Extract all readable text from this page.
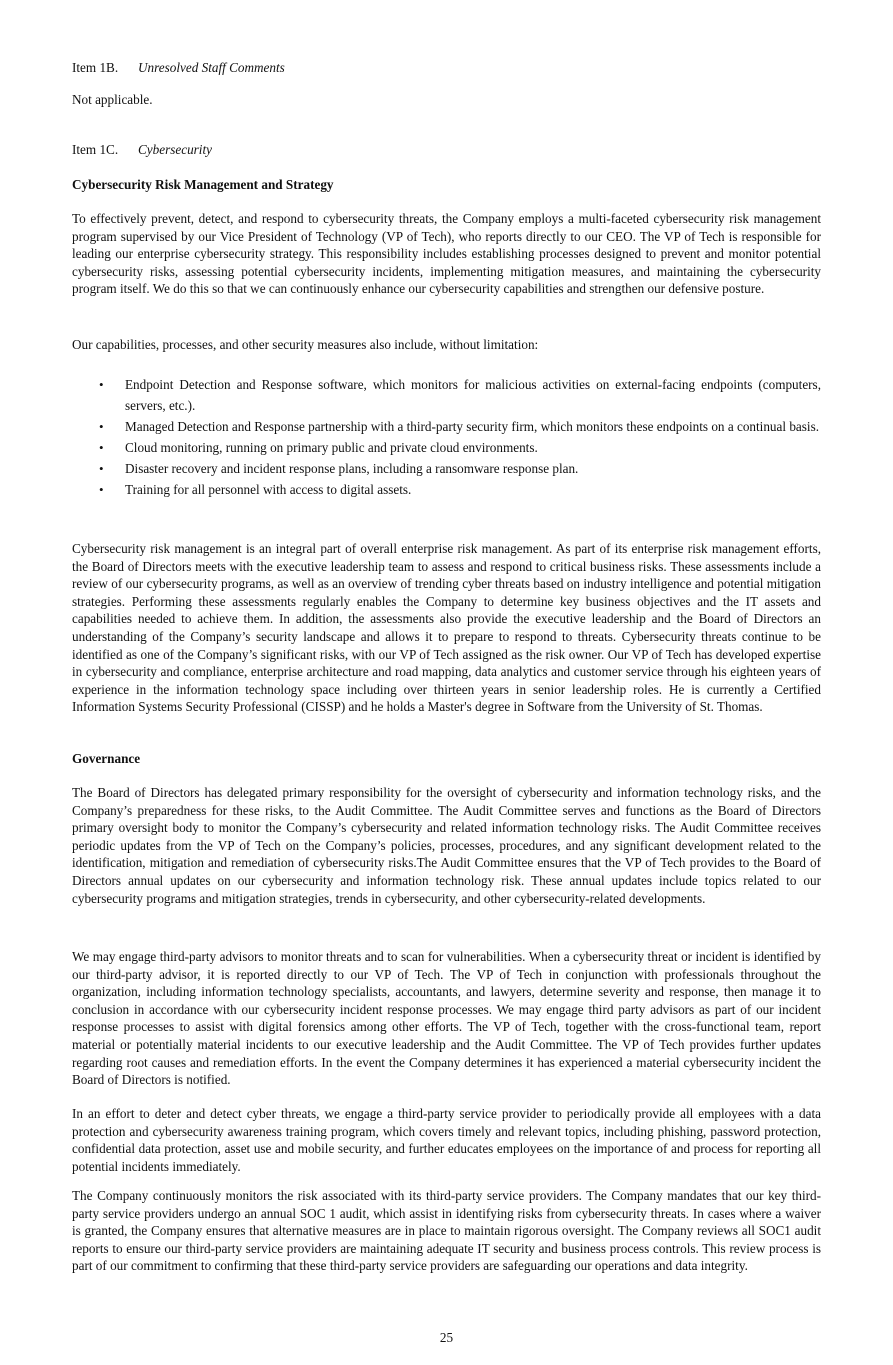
Item 1B. Unresolved Staff Comments
Not applicable.
Item 1C. Cybersecurity
Cybersecurity Risk Management and Strategy

To effectively prevent, detect, and respond to cybersecurity threats, the Company employs a multi-faceted cybersecurity risk management program supervised by our Vice President of Technology (VP of Tech), who reports directly to our CEO. The VP of Tech is responsible for leading our enterprise cybersecurity strategy. This responsibility includes establishing processes designed to prevent and monitor potential cybersecurity risks, assessing potential cybersecurity incidents, implementing mitigation measures, and maintaining the cybersecurity program itself. We do this so that we can continuously enhance our cybersecurity capabilities and strengthen our defensive posture.

Our capabilities, processes, and other security measures also include, without limitation:
• Endpoint Detection and Response software, which monitors for malicious activities on external-facing endpoints (computers, servers, etc.).
• Managed Detection and Response partnership with a third-party security firm, which monitors these endpoints on a continual basis.
• Cloud monitoring, running on primary public and private cloud environments.
• Disaster recovery and incident response plans, including a ransomware response plan.
• Training for all personnel with access to digital assets.

Cybersecurity risk management is an integral part of overall enterprise risk management. As part of its enterprise risk management efforts, the Board of Directors meets with the executive leadership team to assess and respond to critical business risks. These assessments include a review of our cybersecurity programs, as well as an overview of trending cyber threats based on industry intelligence and potential mitigation strategies. Performing these assessments regularly enables the Company to determine key business objectives and the IT assets and capabilities needed to achieve them. In addition, the assessments also provide the executive leadership and the Board of Directors an understanding of the Company’s security landscape and allows it to prepare to respond to threats. Cybersecurity threats continue to be identified as one of the Company’s significant risks, with our VP of Tech assigned as the risk owner. Our VP of Tech has developed expertise in cybersecurity and compliance, enterprise architecture and road mapping, data analytics and customer service through his eighteen years of experience in the information technology space including over thirteen years in senior leadership roles. He is currently a Certified Information Systems Security Professional (CISSP) and he holds a Master's degree in Software from the University of St. Thomas.

Governance

The Board of Directors has delegated primary responsibility for the oversight of cybersecurity and information technology risks, and the Company’s preparedness for these risks, to the Audit Committee. The Audit Committee serves and functions as the Board of Directors primary oversight body to monitor the Company’s cybersecurity and related information technology risks. The Audit Committee receives periodic updates from the VP of Tech on the Company’s policies, processes, procedures, and any significant development related to the identification, mitigation and remediation of cybersecurity risks.The Audit Committee ensures that the VP of Tech provides to the Board of Directors annual updates on our cybersecurity and information technology risk. These annual updates include topics related to our cybersecurity programs and mitigation strategies, trends in cybersecurity, and other cybersecurity-related developments.

We may engage third-party advisors to monitor threats and to scan for vulnerabilities. When a cybersecurity threat or incident is identified by our third-party advisor, it is reported directly to our VP of Tech. The VP of Tech in conjunction with professionals throughout the organization, including information technology specialists, accountants, and lawyers, determine severity and response, then manage it to conclusion in accordance with our cybersecurity incident response processes. We may engage third party advisors as part of our incident response processes to assist with digital forensics among other efforts. The VP of Tech, together with the cross-functional team, report material or potentially material incidents to our executive leadership and the Audit Committee. The VP of Tech provides further updates regarding root causes and remediation efforts. In the event the Company determines it has experienced a material cybersecurity incident the Board of Directors is notified.

In an effort to deter and detect cyber threats, we engage a third-party service provider to periodically provide all employees with a data protection and cybersecurity awareness training program, which covers timely and relevant topics, including phishing, password protection, confidential data protection, asset use and mobile security, and further educates employees on the importance of and process for reporting all potential incidents immediately.

The Company continuously monitors the risk associated with its third-party service providers. The Company mandates that our key third-party service providers undergo an annual SOC 1 audit, which assist in identifying risks from cybersecurity threats. In cases where a waiver is granted, the Company ensures that alternative measures are in place to maintain rigorous oversight. The Company reviews all SOC1 audit reports to ensure our third-party service providers are maintaining adequate IT security and business process controls. This review process is part of our commitment to confirming that these third-party service providers are safeguarding our operations and data integrity.

25
